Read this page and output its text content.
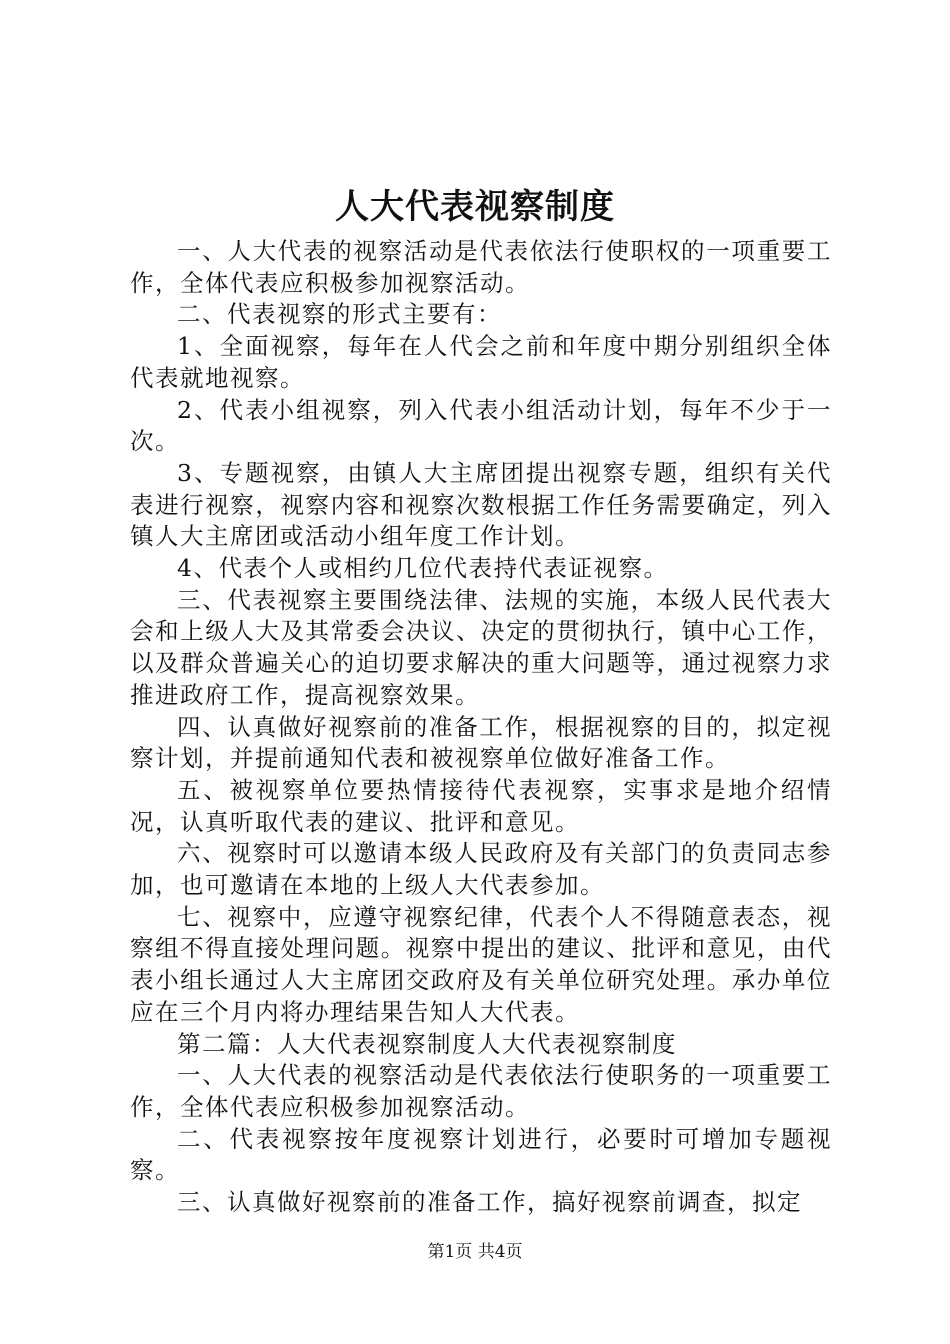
人大代表视察制度

一、人大代表的视察活动是代表依法行使职权的一项重要工作，全体代表应积极参加视察活动。

二、代表视察的形式主要有：

1、全面视察，每年在人代会之前和年度中期分别组织全体代表就地视察。

2、代表小组视察，列入代表小组活动计划，每年不少于一次。

3、专题视察，由镇人大主席团提出视察专题，组织有关代表进行视察，视察内容和视察次数根据工作任务需要确定，列入镇人大主席团或活动小组年度工作计划。

4、代表个人或相约几位代表持代表证视察。

三、代表视察主要围绕法律、法规的实施，本级人民代表大会和上级人大及其常委会决议、决定的贯彻执行，镇中心工作，以及群众普遍关心的迫切要求解决的重大问题等，通过视察力求推进政府工作，提高视察效果。

四、认真做好视察前的准备工作，根据视察的目的，拟定视察计划，并提前通知代表和被视察单位做好准备工作。

五、被视察单位要热情接待代表视察，实事求是地介绍情况，认真听取代表的建议、批评和意见。

六、视察时可以邀请本级人民政府及有关部门的负责同志参加，也可邀请在本地的上级人大代表参加。

七、视察中，应遵守视察纪律，代表个人不得随意表态，视察组不得直接处理问题。视察中提出的建议、批评和意见，由代表小组长通过人大主席团交政府及有关单位研究处理。承办单位应在三个月内将办理结果告知人大代表。

第二篇：人大代表视察制度人大代表视察制度

一、人大代表的视察活动是代表依法行使职务的一项重要工作，全体代表应积极参加视察活动。

二、代表视察按年度视察计划进行，必要时可增加专题视察。

三、认真做好视察前的准备工作，搞好视察前调查，拟定

第1页 共4页
